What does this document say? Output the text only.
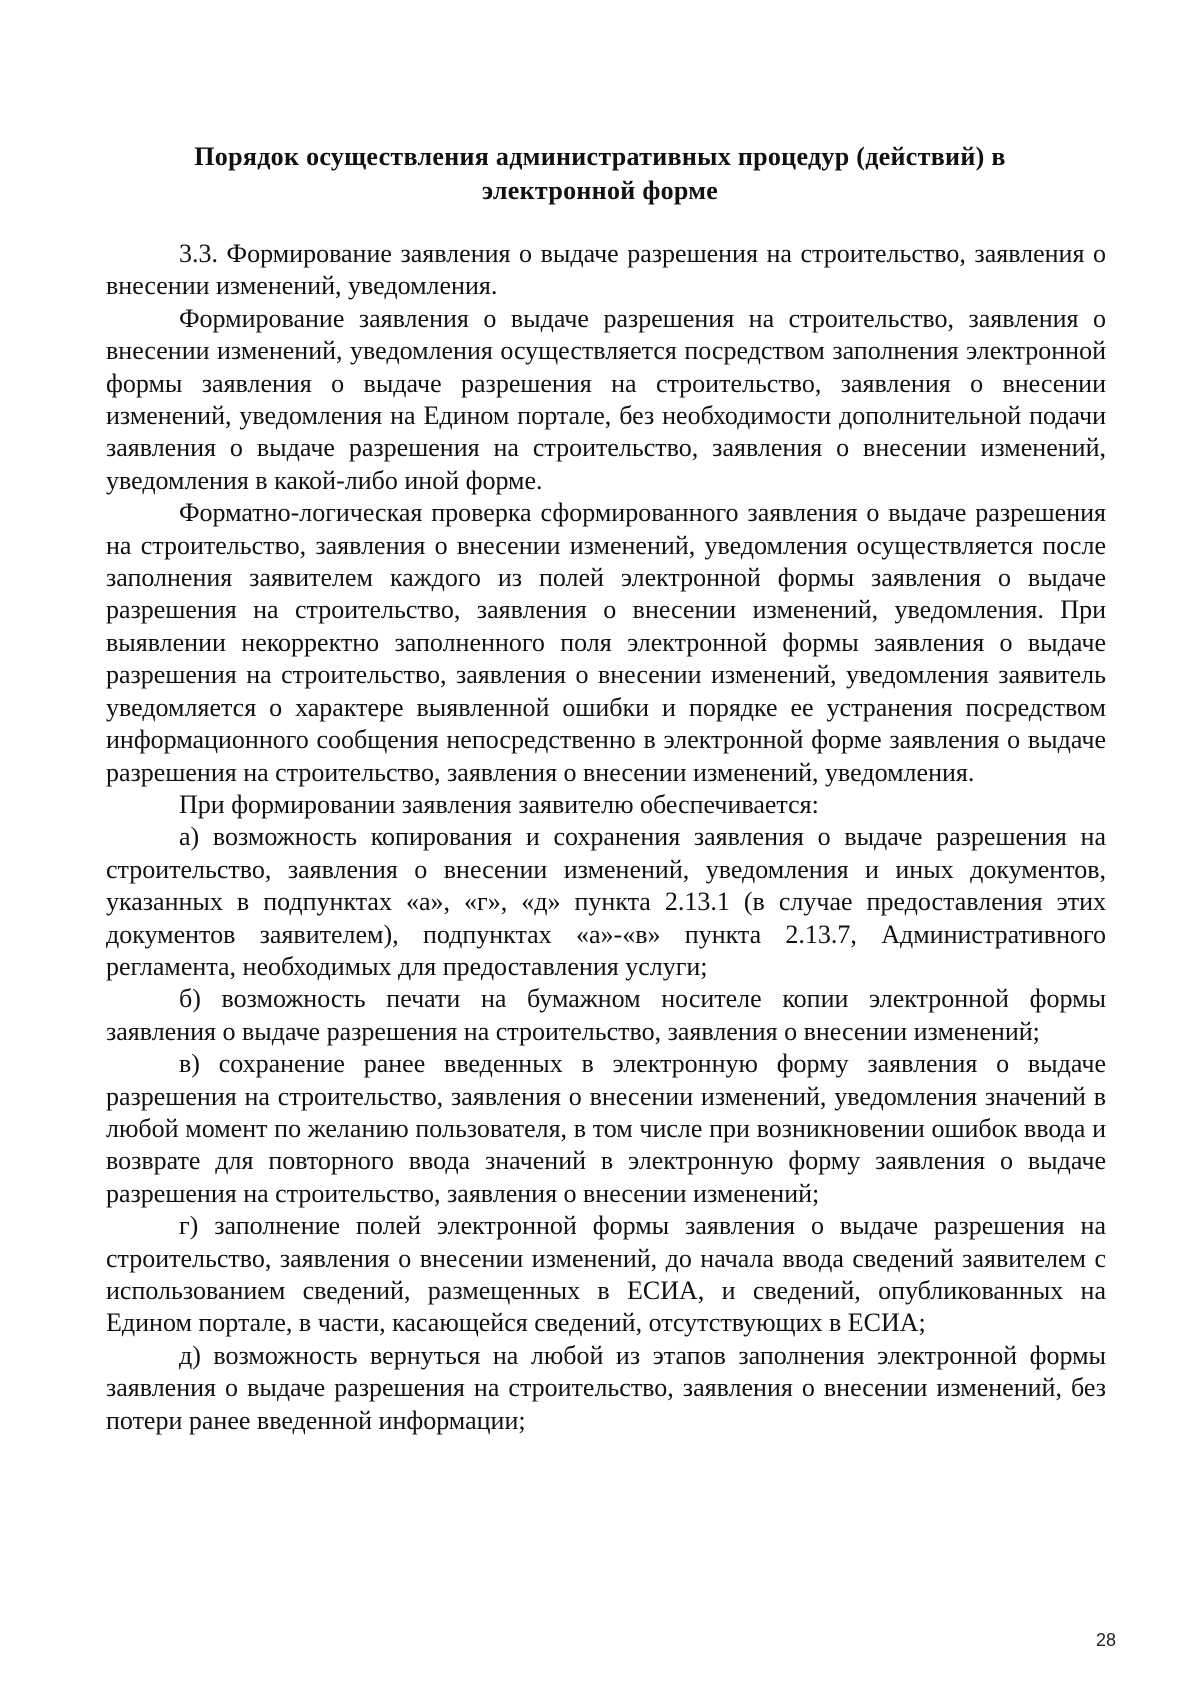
Порядок осуществления административных процедур (действий) в
электронной форме

3.3. Формирование заявления о выдаче разрешения на строительство, заявления о внесении изменений, уведомления.

Формирование заявления о выдаче разрешения на строительство, заявления о внесении изменений, уведомления осуществляется посредством заполнения электронной формы заявления о выдаче разрешения на строительство, заявления о внесении изменений, уведомления на Едином портале, без необходимости дополнительной подачи заявления о выдаче разрешения на строительство, заявления о внесении изменений, уведомления в какой-либо иной форме.

Форматно-логическая проверка сформированного заявления о выдаче разрешения на строительство, заявления о внесении изменений, уведомления осуществляется после заполнения заявителем каждого из полей электронной формы заявления о выдаче разрешения на строительство, заявления о внесении изменений, уведомления. При выявлении некорректно заполненного поля электронной формы заявления о выдаче разрешения на строительство, заявления о внесении изменений, уведомления заявитель уведомляется о характере выявленной ошибки и порядке ее устранения посредством информационного сообщения непосредственно в электронной форме заявления о выдаче разрешения на строительство, заявления о внесении изменений, уведомления.

При формировании заявления заявителю обеспечивается:

а) возможность копирования и сохранения заявления о выдаче разрешения на строительство, заявления о внесении изменений, уведомления и иных документов, указанных в подпунктах «а», «г», «д» пункта 2.13.1 (в случае предоставления этих документов заявителем), подпунктах «а»-«в» пункта 2.13.7, Административного регламента, необходимых для предоставления услуги;

б) возможность печати на бумажном носителе копии электронной формы заявления о выдаче разрешения на строительство, заявления о внесении изменений;

в) сохранение ранее введенных в электронную форму заявления о выдаче разрешения на строительство, заявления о внесении изменений, уведомления значений в любой момент по желанию пользователя, в том числе при возникновении ошибок ввода и возврате для повторного ввода значений в электронную форму заявления о выдаче разрешения на строительство, заявления о внесении изменений;

г) заполнение полей электронной формы заявления о выдаче разрешения на строительство, заявления о внесении изменений, до начала ввода сведений заявителем с использованием сведений, размещенных в ЕСИА, и сведений, опубликованных на Едином портале, в части, касающейся сведений, отсутствующих в ЕСИА;

д) возможность вернуться на любой из этапов заполнения электронной формы заявления о выдаче разрешения на строительство, заявления о внесении изменений, без потери ранее введенной информации;

28
